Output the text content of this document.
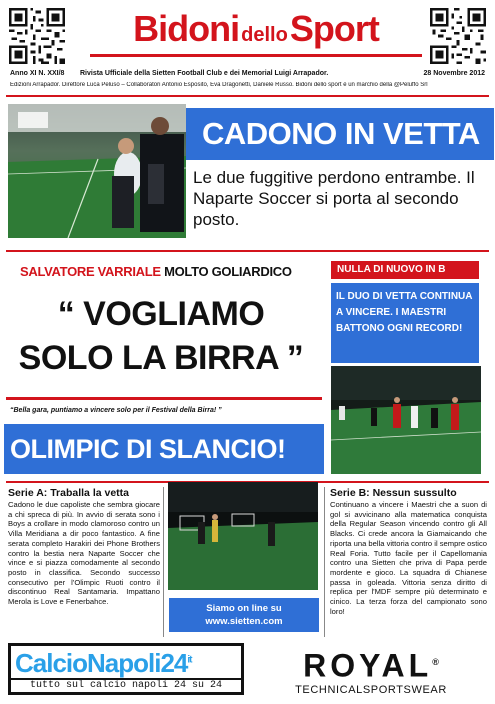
Bidoni delloSport
Anno XI N. XXI/8 Rivista Ufficiale della Sietten Football Club e dei Memorial Luigi Arrapador.	28 Novembre 2012
Edizioni Arrapador. Direttore Luca Peluso – Collaboratori Antonio Esposito, Eva Dragonetti, Daniele Russo. Bidoni dello sport è un marchio della @Peluffo Srl
CADONO IN VETTA
Le due fuggitive perdono entrambe. Il Naparte Soccer si porta al secondo posto.
SALVATORE VARRIALE MOLTO GOLIARDICO
“ VOGLIAMO
SOLO LA BIRRA ”
“Bella gara, puntiamo a vincere solo per il Festival della Birra! ”
NULLA DI NUOVO IN B
IL DUO DI VETTA CONTINUA A VINCERE. I MAESTRI BATTONO OGNI RECORD!
OLIMPIC DI SLANCIO!
Serie A: Traballa la vetta
Cadono le due capoliste che sembra giocare a chi spreca di più. In avvio di serata sono i Boys a crollare in modo clamoroso contro un Villa Meridiana a dir poco fantastico. A fine serata completo Harakiri dei Phone Brothers contro la bestia nera Naparte Soccer che vince e si piazza comodamente al secondo posto in classifica. Secondo successo consecutivo per l'Olimpic Ruoti contro il discontinuo Real Santamaria. Impattano Merola is Love e Fenerbahce.
Siamo on line su
www.sietten.com
Serie B: Nessun sussulto
Continuano a vincere i Maestri che a suon di gol si avvicinano alla matematica conquista della Regular Season vincendo contro gli All Blacks. Ci crede ancora la Giamaicando che riporta una bella vittoria contro il sempre ostico Real Foria. Tutto facile per il Capellomania contro una Sietten che priva di Papa perde mordente e gioco. La squadra di Chianese passa in goleada. Vittoria senza diritto di replica per l'MDF sempre più determinato e cinico. La terza forza del campionato sono loro!
$CalcioNapoli24^{it}$
tutto sul calcio napoli 24 su 24
ROYAL®
TECHNICALSPORTSWEAR
